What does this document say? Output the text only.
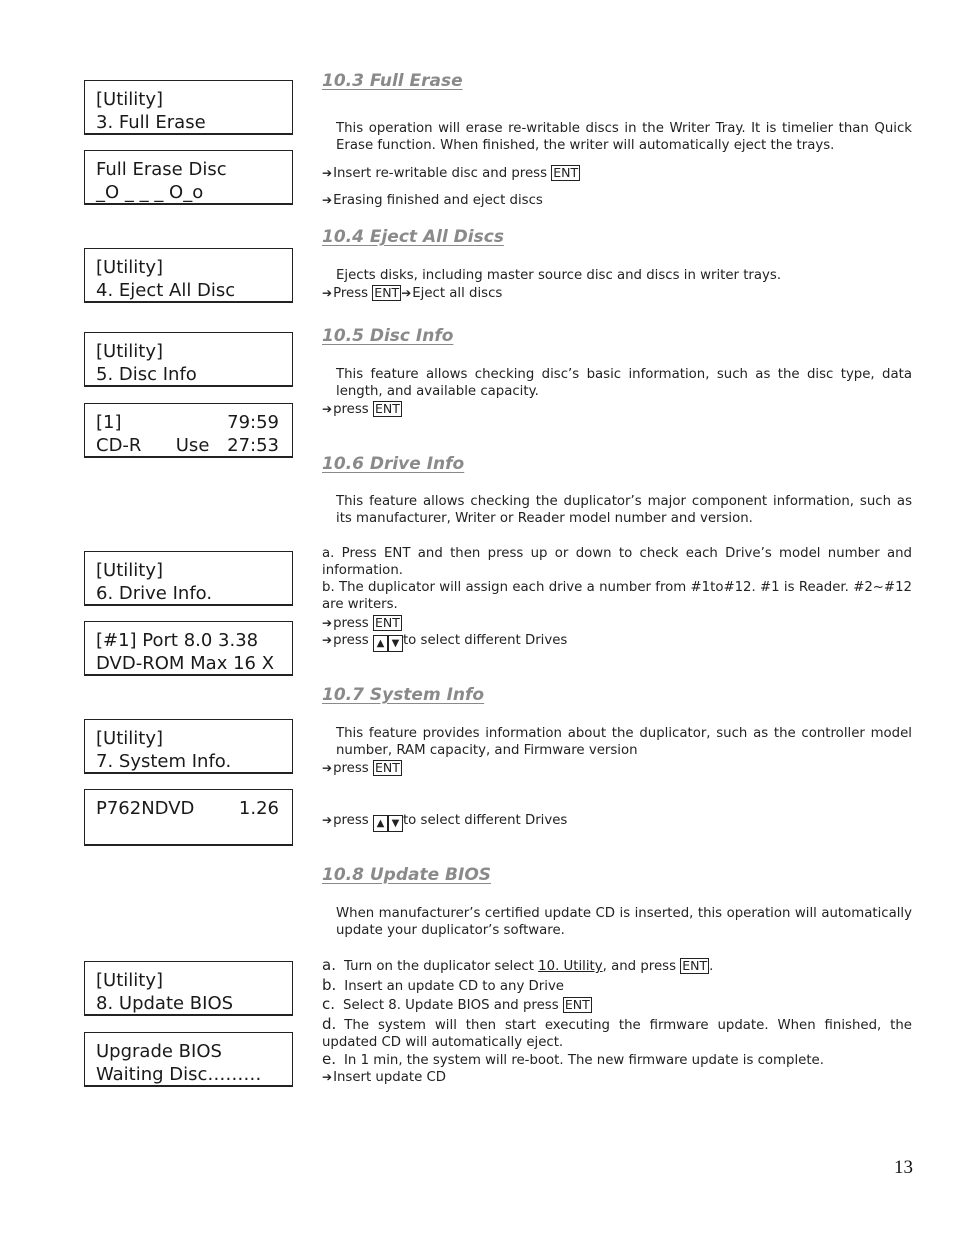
[Utility]
3. Full Erase
Full Erase Disc
_O _ _ _ O_o
[Utility]
4. Eject All Disc
[Utility]
5. Disc Info
[1]	79:59
CD-R      Use 27:53
[Utility]
6. Drive Info.
[#1] Port 8.0 3.38
DVD-ROM Max 16 X
[Utility]
7. System Info.
P762NDVD 1.26
[Utility]
8. Update BIOS
Upgrade BIOS
Waiting Disc………
10.3 Full Erase
This operation will erase re-writable discs in the Writer Tray. It is timelier than Quick Erase function. When finished, the writer will automatically eject the trays.
➔Insert re-writable disc and press ENT
➔Erasing finished and eject discs
10.4 Eject All Discs
Ejects disks, including master source disc and discs in writer trays.
➔Press ENT ➔Eject all discs
10.5 Disc Info
This feature allows checking disc’s basic information, such as the disc type, data length, and available capacity.
➔press ENT
10.6 Drive Info
This feature allows checking the duplicator’s major component information, such as its manufacturer, Writer or Reader model number and version.
a. Press ENT and then press up or down to check each Drive’s model number and information.
b. The duplicator will assign each drive a number from #1to#12. #1 is Reader. #2~#12 are writers.
➔press ENT
➔press ▲ ▼ to select different Drives
10.7 System Info
This feature provides information about the duplicator, such as the controller model number, RAM capacity, and Firmware version
➔press ENT
➔press ▲ ▼ to select different Drives
10.8 Update BIOS
When manufacturer’s certified update CD is inserted, this operation will automatically update your duplicator’s software.
a. Turn on the duplicator select 10. Utility, and press ENT .
b. Insert an update CD to any Drive
c. Select 8. Update BIOS and press ENT
d. The system will then start executing the firmware update. When finished, the updated CD will automatically eject.
e. In 1 min, the system will re-boot. The new firmware update is complete.
➔Insert update CD
13
